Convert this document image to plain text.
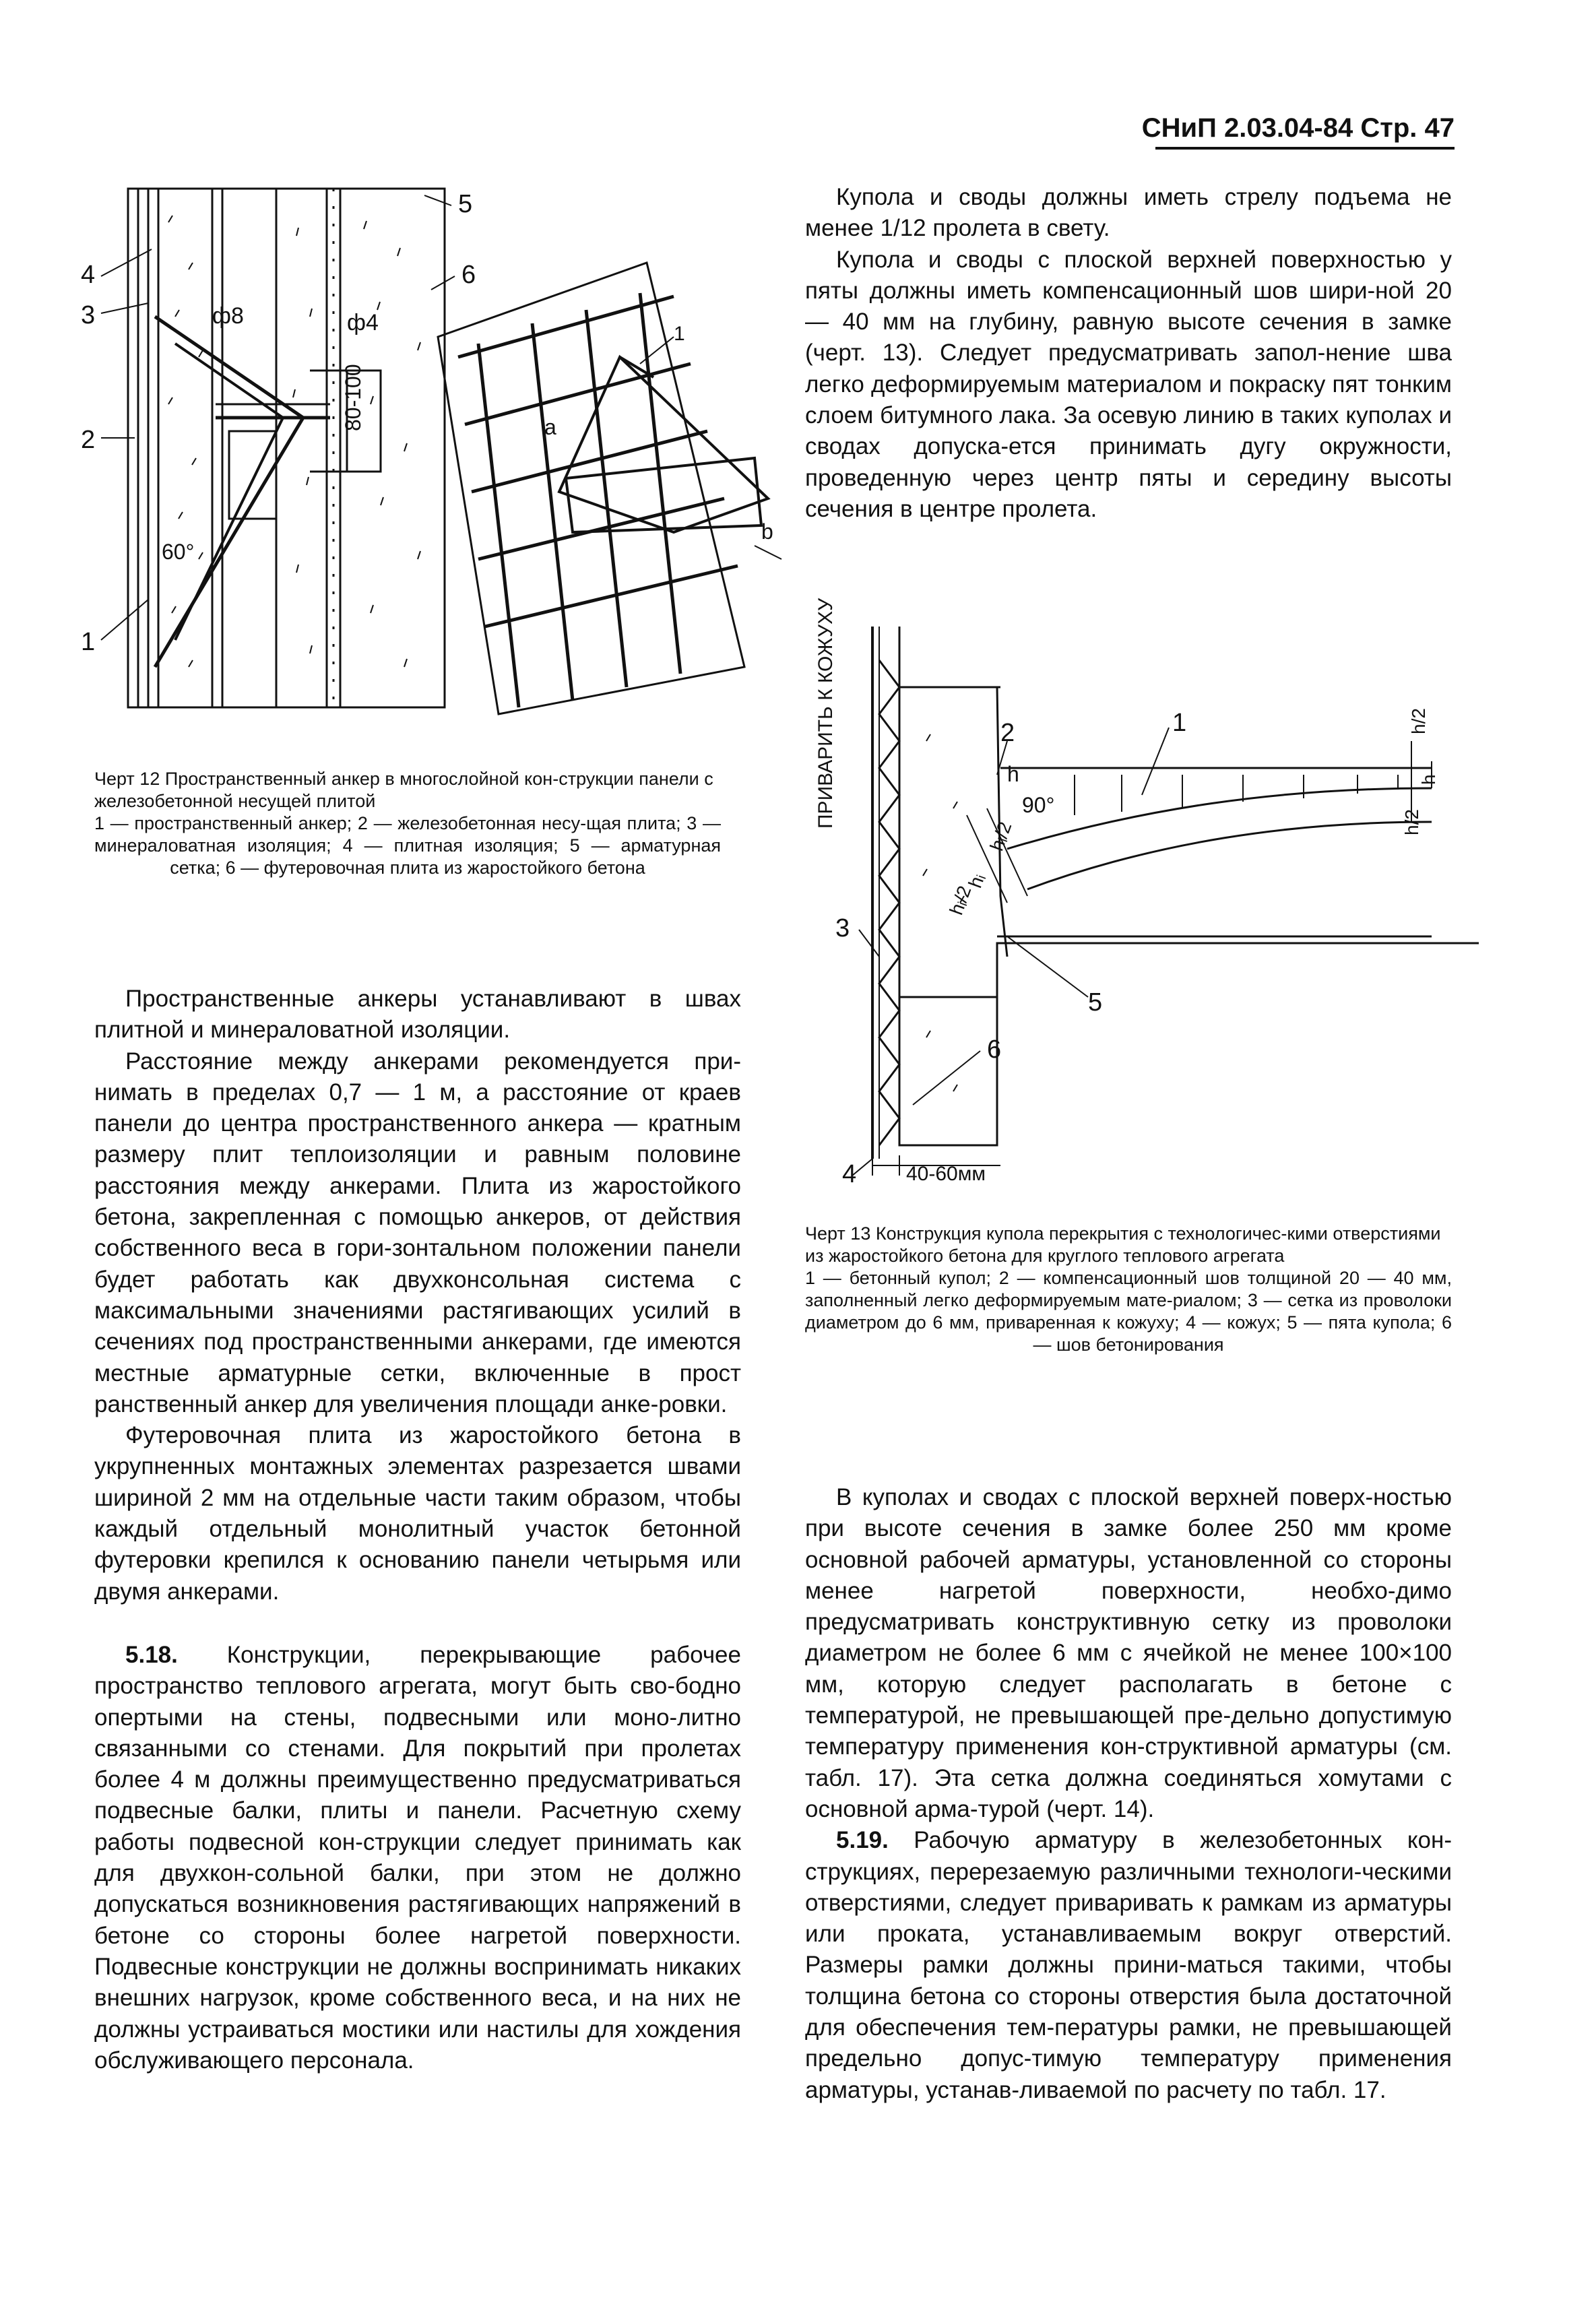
СНиП 2.03.04-84 Стр. 47
80-100
60°
ф8	ф4
4
3
2
1
5
6
1
a
b
Черт 12 Пространственный анкер в многослойной кон-струкции панели с железобетонной несущей плитой
1 — пространственный анкер; 2 — железобетонная несу-щая плита; 3 — минераловатная изоляция; 4 — плитная изоляция; 5 — арматурная сетка; 6 — футеровочная плита из жаростойкого бетона
ПРИВАРИТЬ К КОЖУХУ	90°
h
h/2
h/2
h
hᵢ
hᵢ/2
hᵢ/2
40-60мм
1
2
3
4
5
6
Черт 13 Конструкция купола перекрытия с технологичес-кими отверстиями из жаростойкого бетона для круглого теплового агрегата
1 — бетонный купол; 2 — компенсационный шов толщиной 20 — 40 мм, заполненный легко деформируемым мате-риалом; 3 — сетка из проволоки диаметром до 6 мм, приваренная к кожуху; 4 — кожух; 5 — пята купола; 6 — шов бетонирования

Пространственные анкеры устанавливают в швах плитной и минераловатной изоляции.

Расстояние между анкерами рекомендуется при-нимать в пределах 0,7 — 1 м, а расстояние от краев панели до центра пространственного анкера — кратным размеру плит теплоизоляции и равным половине расстояния между анкерами. Плита из жаростойкого бетона, закрепленная с помощью анкеров, от действия собственного веса в гори-зонтальном положении панели будет работать как двухконсольная система с максимальными значениями растягивающих усилий в сечениях под пространственными анкерами, где имеются местные арматурные сетки, включенные в прост ранственный анкер для увеличения площади анке-ровки.

Футеровочная плита из жаростойкого бетона в укрупненных монтажных элементах разрезается швами шириной 2 мм на отдельные части таким образом, чтобы каждый отдельный монолитный участок бетонной футеровки крепился к основанию панели четырьмя или двумя анкерами.

5.18. Конструкции, перекрывающие рабочее пространство теплового агрегата, могут быть сво-бодно опертыми на стены, подвесными или моно-литно связанными со стенами. Для покрытий при пролетах более 4 м должны преимущественно предусматриваться подвесные балки, плиты и панели. Расчетную схему работы подвесной кон-струкции следует принимать как для двухкон-сольной балки, при этом не должно допускаться возникновения растягивающих напряжений в бетоне со стороны более нагретой поверхности. Подвесные конструкции не должны воспринимать никаких внешних нагрузок, кроме собственного веса, и на них не должны устраиваться мостики или настилы для хождения обслуживающего персонала.

Купола и своды должны иметь стрелу подъема не менее 1/12 пролета в свету.

Купола и своды с плоской верхней поверхностью у пяты должны иметь компенсационный шов шири-ной 20 — 40 мм на глубину, равную высоте сечения в замке (черт. 13). Следует предусматривать запол-нение шва легко деформируемым материалом и покраску пят тонким слоем битумного лака. За осевую линию в таких куполах и сводах допуска-ется принимать дугу окружности, проведенную через центр пяты и середину высоты сечения в центре пролета.

В куполах и сводах с плоской верхней поверх-ностью при высоте сечения в замке более 250 мм кроме основной рабочей арматуры, установленной со стороны менее нагретой поверхности, необхо-димо предусматривать конструктивную сетку из проволоки диаметром не более 6 мм с ячейкой не менее 100×100 мм, которую следует располагать в бетоне с температурой, не превышающей пре-дельно допустимую температуру применения кон-структивной арматуры (см. табл. 17). Эта сетка должна соединяться хомутами с основной арма-турой (черт. 14).

5.19. Рабочую арматуру в железобетонных кон-струкциях, перерезаемую различными технологи-ческими отверстиями, следует приваривать к рамкам из арматуры или проката, устанавливаемым вокруг отверстий. Размеры рамки должны прини-маться такими, чтобы толщина бетона со стороны отверстия была достаточной для обеспечения тем-пературы рамки, не превышающей предельно допус-тимую температуру применения арматуры, устанав-ливаемой по расчету по табл. 17.
